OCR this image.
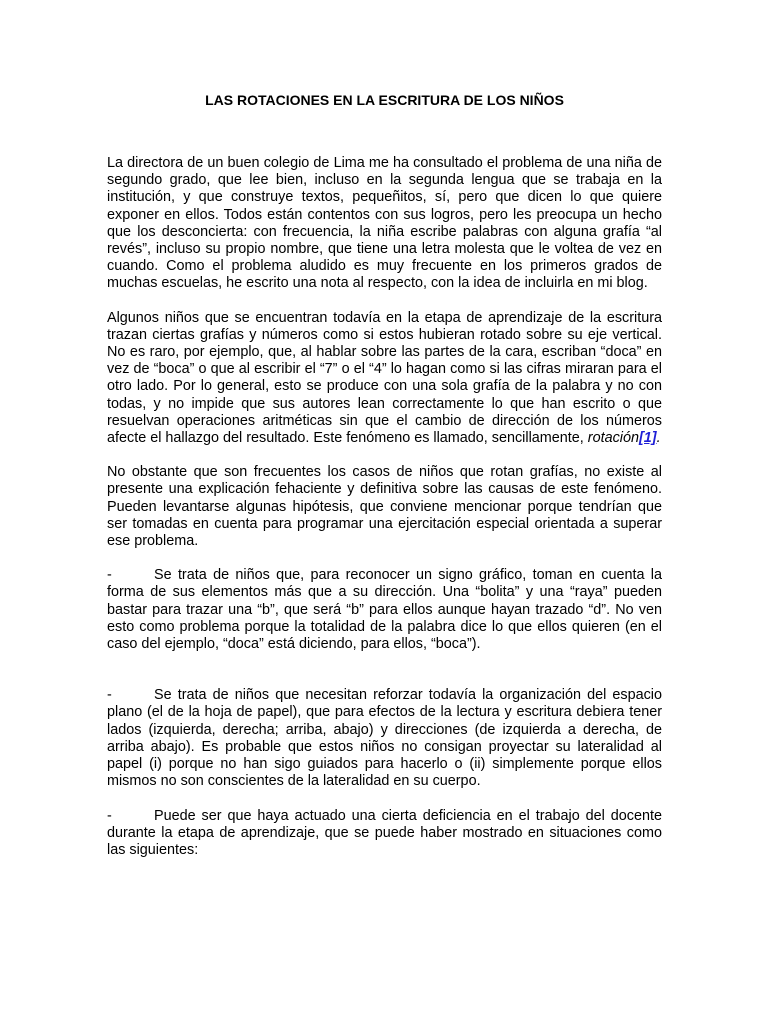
LAS ROTACIONES EN LA ESCRITURA DE LOS NIÑOS

La directora de un buen colegio de Lima me ha consultado el problema de una niña de segundo grado, que lee bien, incluso en la segunda lengua que se trabaja en la institución, y que construye textos, pequeñitos, sí, pero que dicen lo que quiere exponer en ellos. Todos están contentos con sus logros, pero les preocupa un hecho que los desconcierta: con frecuencia, la niña escribe palabras con alguna grafía “al revés”, incluso su propio nombre, que tiene una letra molesta que le voltea de vez en cuando. Como el problema aludido es muy frecuente en los primeros grados de muchas escuelas, he escrito una nota al respecto, con la idea de incluirla en mi blog.

Algunos niños que se encuentran todavía en la etapa de aprendizaje de la escritura trazan ciertas grafías y números como si estos hubieran rotado sobre su eje vertical. No es raro, por ejemplo, que, al hablar sobre las partes de la cara, escriban “doca” en vez de “boca” o que al escribir el “7” o el “4” lo hagan como si las cifras miraran para el otro lado. Por lo general, esto se produce con una sola grafía de la palabra y no con todas, y no impide que sus autores lean correctamente lo que han escrito o que resuelvan operaciones aritméticas sin que el cambio de dirección de los números afecte el hallazgo del resultado. Este fenómeno es llamado, sencillamente, rotación[1].

No obstante que son frecuentes los casos de niños que rotan grafías, no existe al presente una explicación fehaciente y definitiva sobre las causas de este fenómeno. Pueden levantarse algunas hipótesis, que conviene mencionar porque tendrían que ser tomadas en cuenta para programar una ejercitación especial orientada a superar ese problema.

-	Se trata de niños que, para reconocer un signo gráfico, toman en cuenta la forma de sus elementos más que a su dirección. Una “bolita” y una “raya” pueden bastar para trazar una “b”, que será “b” para ellos aunque hayan trazado “d”. No ven esto como problema porque la totalidad de la palabra dice lo que ellos quieren (en el caso del ejemplo, “doca” está diciendo, para ellos, “boca”).

-	Se trata de niños que necesitan reforzar todavía la organización del espacio plano (el de la hoja de papel), que para efectos de la lectura y escritura debiera tener lados (izquierda, derecha; arriba, abajo) y direcciones (de izquierda a derecha, de arriba abajo). Es probable que estos niños no consigan proyectar su lateralidad al papel (i) porque no han sigo guiados para hacerlo o (ii) simplemente porque ellos mismos no son conscientes de la lateralidad en su cuerpo.

-	Puede ser que haya actuado una cierta deficiencia en el trabajo del docente durante la etapa de aprendizaje, que se puede haber mostrado en situaciones como las siguientes:
